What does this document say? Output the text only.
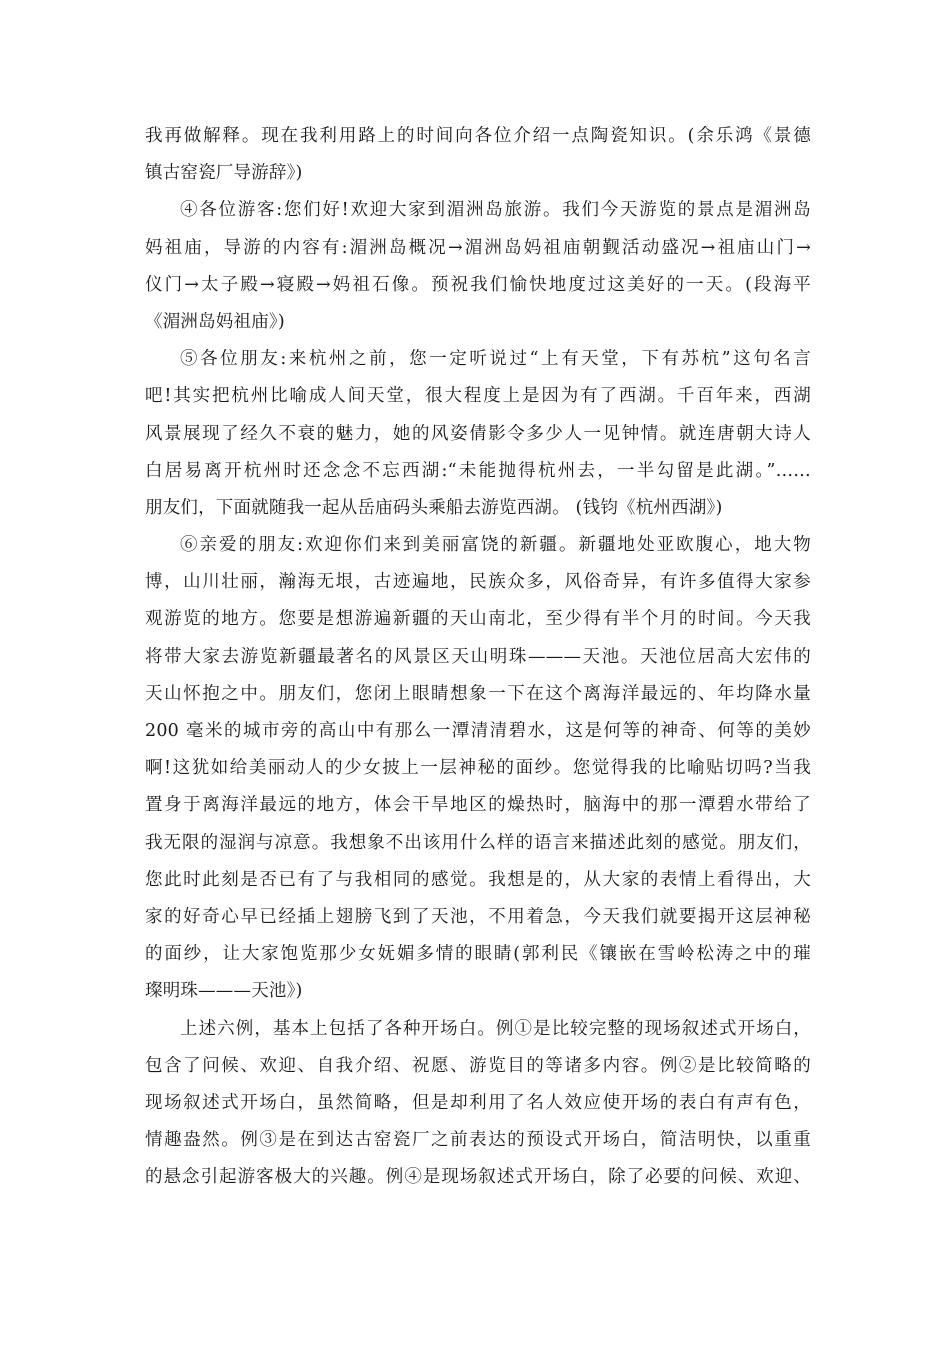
我再做解释。现在我利用路上的时间向各位介绍一点陶瓷知识。(余乐鸿《景德
镇古窑瓷厂导游辞》)
④各位游客:您们好!欢迎大家到湄洲岛旅游。我们今天游览的景点是湄洲岛
妈祖庙，导游的内容有:湄洲岛概况→湄洲岛妈祖庙朝觐活动盛况→祖庙山门→
仪门→太子殿→寝殿→妈祖石像。预祝我们愉快地度过这美好的一天。(段海平
《湄洲岛妈祖庙》)
⑤各位朋友:来杭州之前，您一定听说过“上有天堂，下有苏杭”这句名言
吧!其实把杭州比喻成人间天堂，很大程度上是因为有了西湖。千百年来，西湖
风景展现了经久不衰的魅力，她的风姿倩影令多少人一见钟情。就连唐朝大诗人
白居易离开杭州时还念念不忘西湖:“未能抛得杭州去，一半勾留是此湖。”……
朋友们，下面就随我一起从岳庙码头乘船去游览西湖。 (钱钧《杭州西湖》)
⑥亲爱的朋友:欢迎你们来到美丽富饶的新疆。新疆地处亚欧腹心，地大物
博，山川壮丽，瀚海无垠，古迹遍地，民族众多，风俗奇异，有许多值得大家参
观游览的地方。您要是想游遍新疆的天山南北，至少得有半个月的时间。今天我
将带大家去游览新疆最著名的风景区天山明珠———天池。天池位居高大宏伟的
天山怀抱之中。朋友们，您闭上眼睛想象一下在这个离海洋最远的、年均降水量
200 毫米的城市旁的高山中有那么一潭清清碧水，这是何等的神奇、何等的美妙
啊!这犹如给美丽动人的少女披上一层神秘的面纱。您觉得我的比喻贴切吗?当我
置身于离海洋最远的地方，体会干旱地区的燥热时，脑海中的那一潭碧水带给了
我无限的湿润与凉意。我想象不出该用什么样的语言来描述此刻的感觉。朋友们，
您此时此刻是否已有了与我相同的感觉。我想是的，从大家的表情上看得出，大
家的好奇心早已经插上翅膀飞到了天池，不用着急，今天我们就要揭开这层神秘
的面纱，让大家饱览那少女妩媚多情的眼睛(郭利民《镶嵌在雪岭松涛之中的璀
璨明珠———天池》)
上述六例，基本上包括了各种开场白。例①是比较完整的现场叙述式开场白，
包含了问候、欢迎、自我介绍、祝愿、游览目的等诸多内容。例②是比较简略的
现场叙述式开场白，虽然简略，但是却利用了名人效应使开场的表白有声有色，
情趣盎然。例③是在到达古窑瓷厂之前表达的预设式开场白，简洁明快，以重重
的悬念引起游客极大的兴趣。例④是现场叙述式开场白，除了必要的问候、欢迎、
